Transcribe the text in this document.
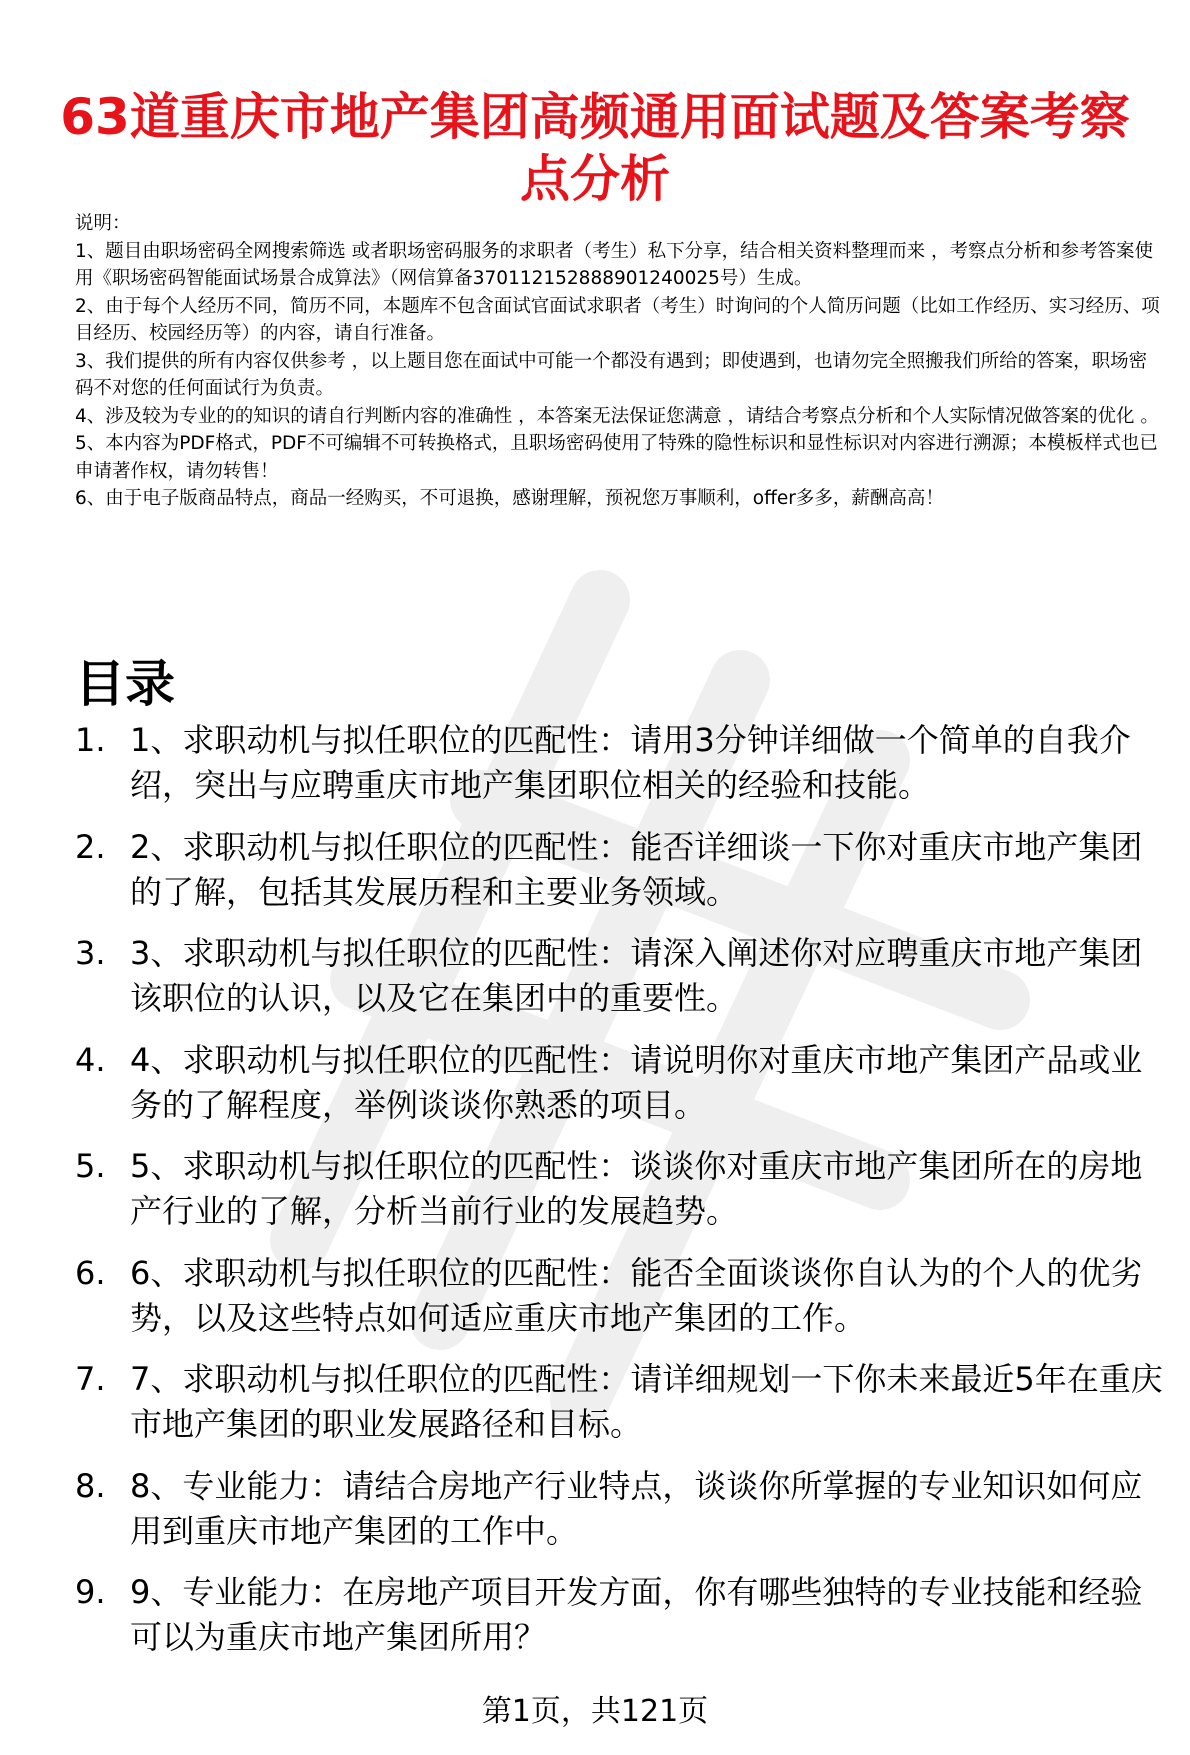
63道重庆市地产集团高频通用面试题及答案考察点分析

说明：

1、题目由职场密码全网搜索筛选 或者职场密码服务的求职者（考生）私下分享，结合相关资料整理而来 ，考察点分析和参考答案使用《职场密码智能面试场景合成算法》（网信算备370112152888901240025号）生成。

2、由于每个人经历不同，简历不同，本题库不包含面试官面试求职者（考生）时询问的个人简历问题（比如工作经历、实习经历、项目经历、校园经历等）的内容，请自行准备。

3、我们提供的所有内容仅供参考 ，以上题目您在面试中可能一个都没有遇到；即使遇到，也请勿完全照搬我们所给的答案，职场密码不对您的任何面试行为负责。

4、涉及较为专业的的知识的请自行判断内容的准确性 ，本答案无法保证您满意 ，请结合考察点分析和个人实际情况做答案的优化 。

5、本内容为PDF格式，PDF不可编辑不可转换格式，且职场密码使用了特殊的隐性标识和显性标识对内容进行溯源；本模板样式也已申请著作权，请勿转售！

6、由于电子版商品特点，商品一经购买，不可退换，感谢理解，预祝您万事顺利，offer多多，薪酬高高！

目录
1. 1、求职动机与拟任职位的匹配性：请用3分钟详细做一个简单的自我介绍，突出与应聘重庆市地产集团职位相关的经验和技能。
2. 2、求职动机与拟任职位的匹配性：能否详细谈一下你对重庆市地产集团的了解，包括其发展历程和主要业务领域。
3. 3、求职动机与拟任职位的匹配性：请深入阐述你对应聘重庆市地产集团该职位的认识，以及它在集团中的重要性。
4. 4、求职动机与拟任职位的匹配性：请说明你对重庆市地产集团产品或业务的了解程度，举例谈谈你熟悉的项目。
5. 5、求职动机与拟任职位的匹配性：谈谈你对重庆市地产集团所在的房地产行业的了解，分析当前行业的发展趋势。
6. 6、求职动机与拟任职位的匹配性：能否全面谈谈你自认为的个人的优劣势，以及这些特点如何适应重庆市地产集团的工作。
7. 7、求职动机与拟任职位的匹配性：请详细规划一下你未来最近5年在重庆市地产集团的职业发展路径和目标。
8. 8、专业能力：请结合房地产行业特点，谈谈你所掌握的专业知识如何应用到重庆市地产集团的工作中。
9. 9、专业能力：在房地产项目开发方面，你有哪些独特的专业技能和经验可以为重庆市地产集团所用？
第1页，共121页
